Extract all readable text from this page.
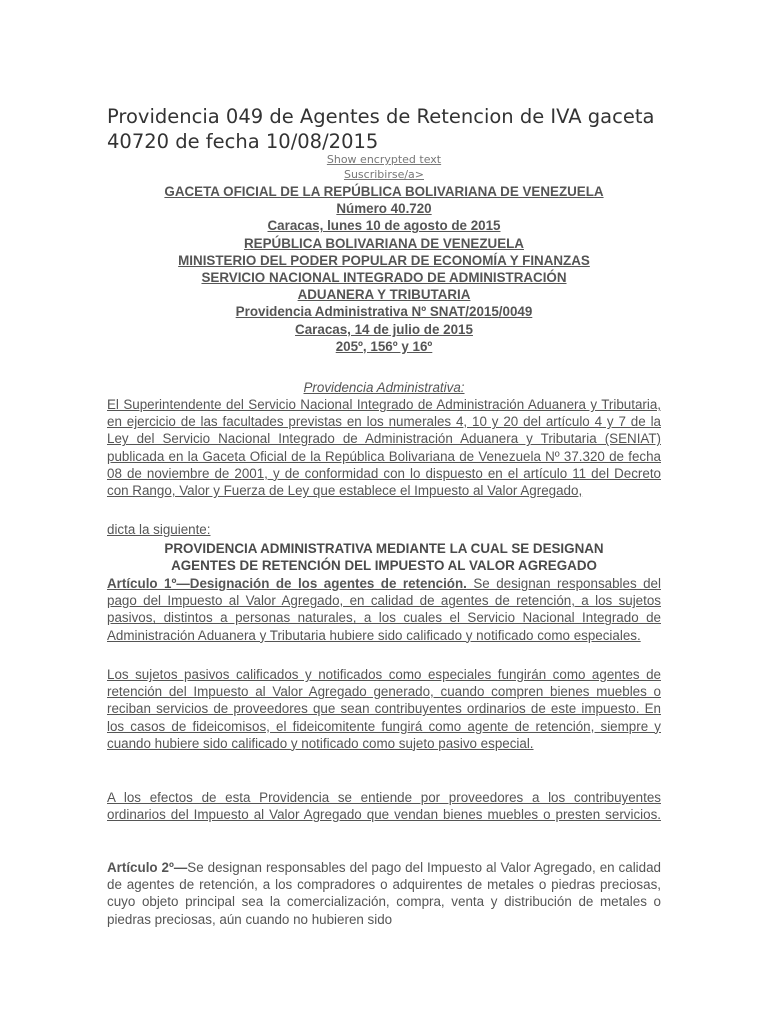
Providencia 049 de Agentes de Retencion de IVA gaceta 40720 de fecha 10/08/2015
Show encrypted text
Suscribirse/a>
GACETA OFICIAL DE LA REPÚBLICA BOLIVARIANA DE VENEZUELA
Número 40.720
Caracas, lunes 10 de agosto de 2015
REPÚBLICA BOLIVARIANA DE VENEZUELA
MINISTERIO DEL PODER POPULAR DE ECONOMÍA Y FINANZAS
SERVICIO NACIONAL INTEGRADO DE ADMINISTRACIÓN
ADUANERA Y TRIBUTARIA
Providencia Administrativa Nº SNAT/2015/0049
Caracas, 14 de julio de 2015
205º, 156º y 16º
Providencia Administrativa:
El Superintendente del Servicio Nacional Integrado de Administración Aduanera y Tributaria, en ejercicio de las facultades previstas en los numerales 4, 10 y 20 del artículo 4 y 7 de la Ley del Servicio Nacional Integrado de Administración Aduanera y Tributaria (SENIAT) publicada en la Gaceta Oficial de la República Bolivariana de Venezuela Nº 37.320 de fecha 08 de noviembre de 2001, y de conformidad con lo dispuesto en el artículo 11 del Decreto con Rango, Valor y Fuerza de Ley que establece el Impuesto al Valor Agregado,
dicta la siguiente:
PROVIDENCIA ADMINISTRATIVA MEDIANTE LA CUAL SE DESIGNAN
AGENTES DE RETENCIÓN DEL IMPUESTO AL VALOR AGREGADO
Artículo 1º—Designación de los agentes de retención. Se designan responsables del pago del Impuesto al Valor Agregado, en calidad de agentes de retención, a los sujetos pasivos, distintos a personas naturales, a los cuales el Servicio Nacional Integrado de Administración Aduanera y Tributaria hubiere sido calificado y notificado como especiales.
Los sujetos pasivos calificados y notificados como especiales fungirán como agentes de retención del Impuesto al Valor Agregado generado, cuando compren bienes muebles o reciban servicios de proveedores que sean contribuyentes ordinarios de este impuesto. En los casos de fideicomisos, el fideicomitente fungirá como agente de retención, siempre y cuando hubiere sido calificado y notificado como sujeto pasivo especial.
A los efectos de esta Providencia se entiende por proveedores a los contribuyentes ordinarios del Impuesto al Valor Agregado que vendan bienes muebles o presten servicios.
Artículo 2º—Se designan responsables del pago del Impuesto al Valor Agregado, en calidad de agentes de retención, a los compradores o adquirentes de metales o piedras preciosas, cuyo objeto principal sea la comercialización, compra, venta y distribución de metales o piedras preciosas, aún cuando no hubieren sido
